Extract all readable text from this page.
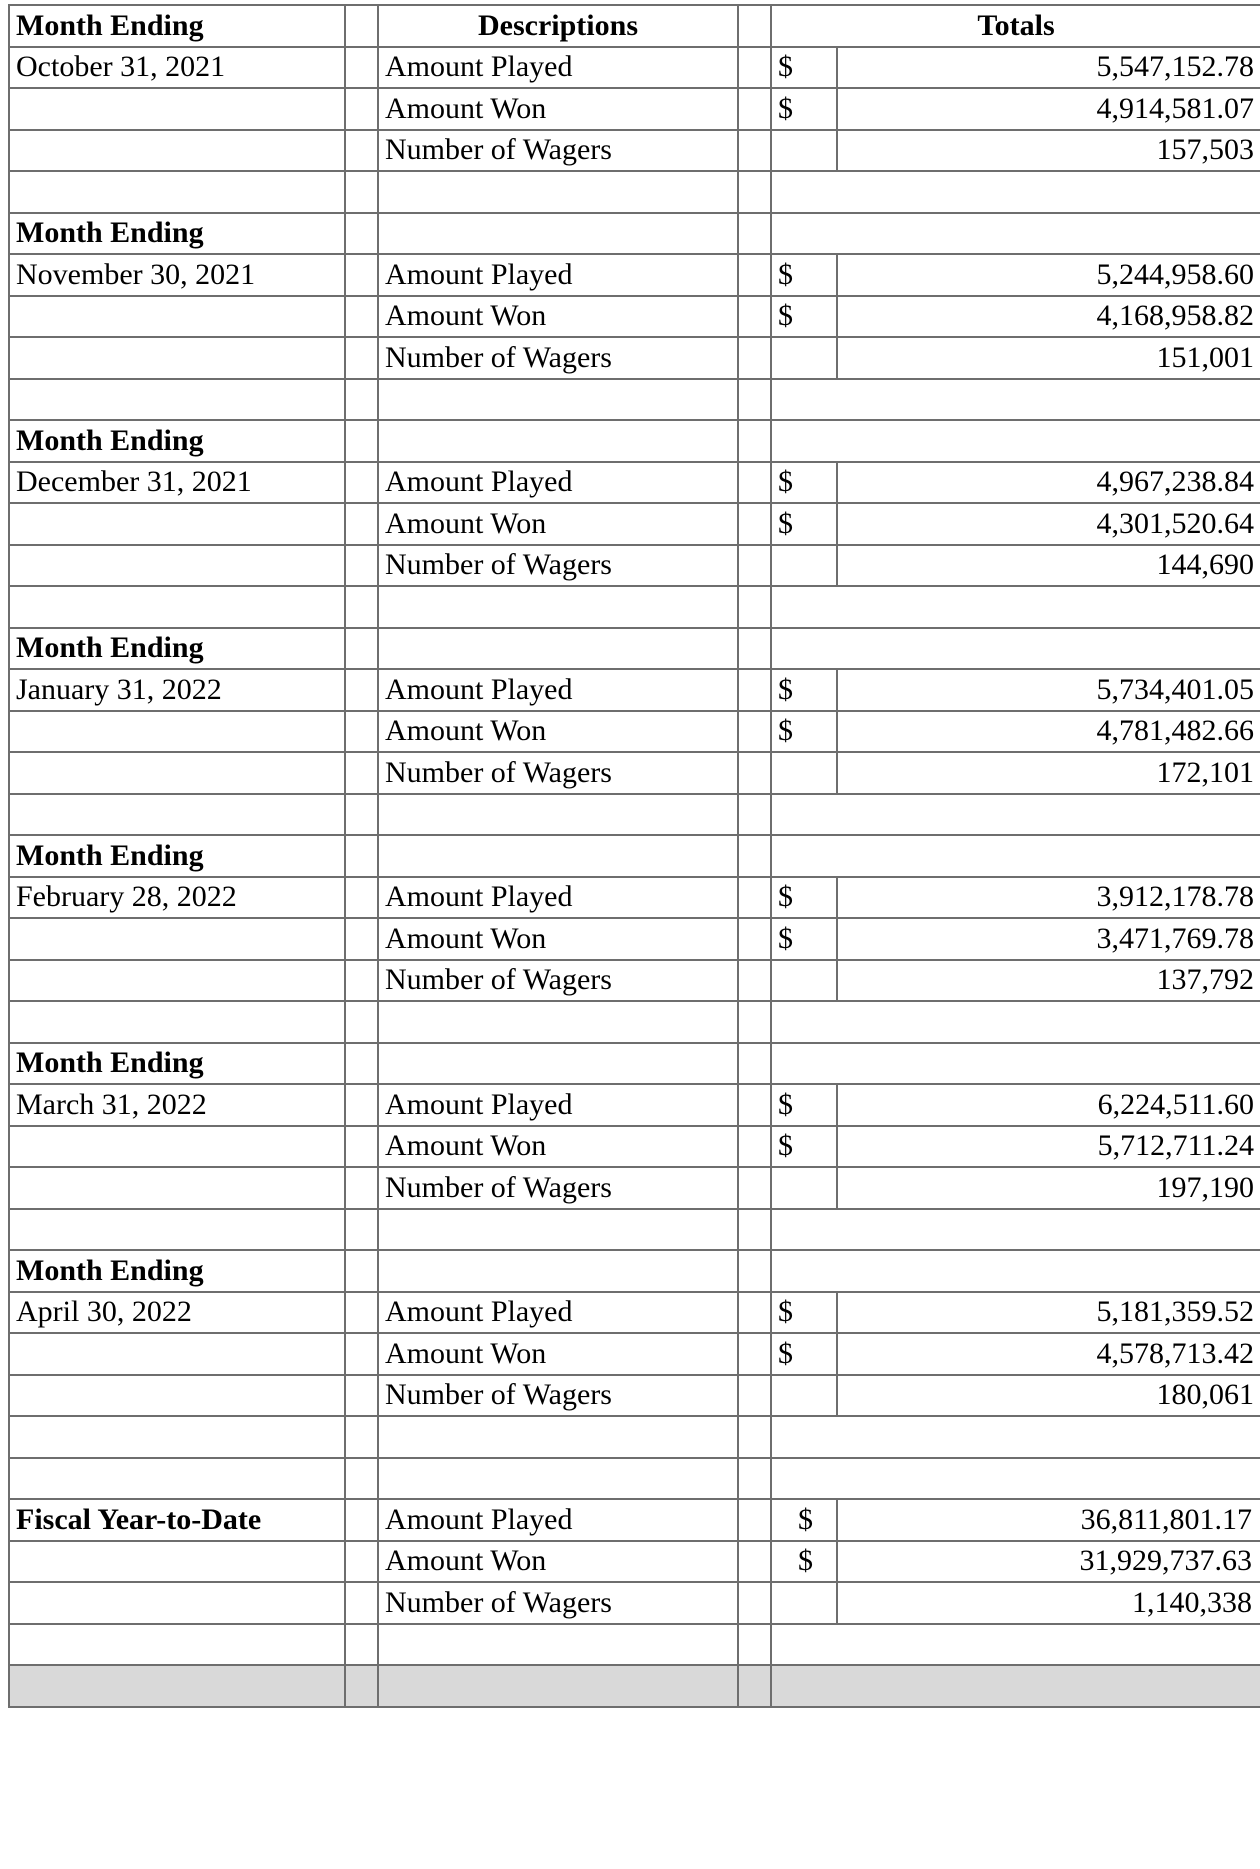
Month Ending		Descriptions		Totals	
October 31, 2021		Amount Played		$	5,547,152.78
		Amount Won		$	4,914,581.07
		Number of Wagers			157,503

Month Ending					
November 30, 2021		Amount Played		$	5,244,958.60
		Amount Won		$	4,168,958.82
		Number of Wagers			151,001

Month Ending					
December 31, 2021		Amount Played		$	4,967,238.84
		Amount Won		$	4,301,520.64
		Number of Wagers			144,690

Month Ending					
January 31, 2022		Amount Played		$	5,734,401.05
		Amount Won		$	4,781,482.66
		Number of Wagers			172,101

Month Ending					
February 28, 2022		Amount Played		$	3,912,178.78
		Amount Won		$	3,471,769.78
		Number of Wagers			137,792

Month Ending					
March 31, 2022		Amount Played		$	6,224,511.60
		Amount Won		$	5,712,711.24
		Number of Wagers			197,190

Month Ending					
April 30, 2022		Amount Played		$	5,181,359.52
		Amount Won		$	4,578,713.42
		Number of Wagers			180,061

Fiscal Year-to-Date		Amount Played		$	36,811,801.17
		Amount Won		$	31,929,737.63
		Number of Wagers			1,140,338
